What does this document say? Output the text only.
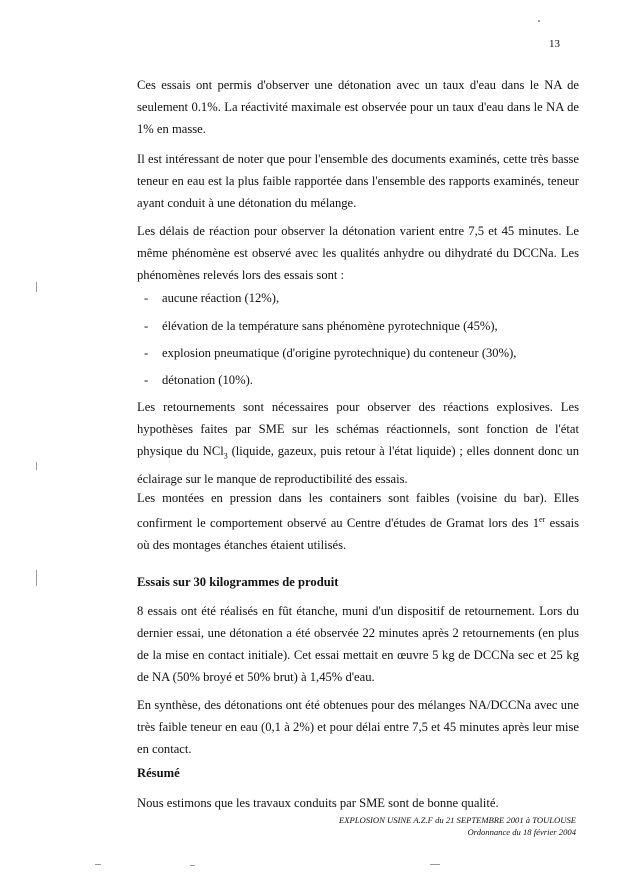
13

Ces essais ont permis d'observer une détonation avec un taux d'eau dans le NA de seulement 0.1%. La réactivité maximale est observée pour un taux d'eau dans le NA de 1% en masse.

Il est intéressant de noter que pour l'ensemble des documents examinés, cette très basse teneur en eau est la plus faible rapportée dans l'ensemble des rapports examinés, teneur ayant conduit à une détonation du mélange.

Les délais de réaction pour observer la détonation varient entre 7,5 et 45 minutes. Le même phénomène est observé avec les qualités anhydre ou dihydraté du DCCNa. Les phénomènes relevés lors des essais sont :

- aucune réaction (12%),
- élévation de la température sans phénomène pyrotechnique (45%),
- explosion pneumatique (d'origine pyrotechnique) du conteneur (30%),
- détonation (10%).

Les retournements sont nécessaires pour observer des réactions explosives. Les hypothèses faites par SME sur les schémas réactionnels, sont fonction de l'état physique du NCl$_3$ (liquide, gazeux, puis retour à l'état liquide) ; elles donnent donc un éclairage sur le manque de reproductibilité des essais.

Les montées en pression dans les containers sont faibles (voisine du bar). Elles confirment le comportement observé au Centre d'études de Gramat lors des 1er essais où des montages étanches étaient utilisés.

Essais sur 30 kilogrammes de produit

8 essais ont été réalisés en fût étanche, muni d'un dispositif de retournement. Lors du dernier essai, une détonation a été observée 22 minutes après 2 retournements (en plus de la mise en contact initiale). Cet essai mettait en œuvre 5 kg de DCCNa sec et 25 kg de NA (50% broyé et 50% brut) à 1,45% d'eau.

En synthèse, des détonations ont été obtenues pour des mélanges NA/DCCNa avec une très faible teneur en eau (0,1 à 2%) et pour délai entre 7,5 et 45 minutes après leur mise en contact.

Résumé

Nous estimons que les travaux conduits par SME sont de bonne qualité.

EXPLOSION USINE A.Z.F du 21 SEPTEMBRE 2001 à TOULOUSE
Ordonnance du 18 février 2004
